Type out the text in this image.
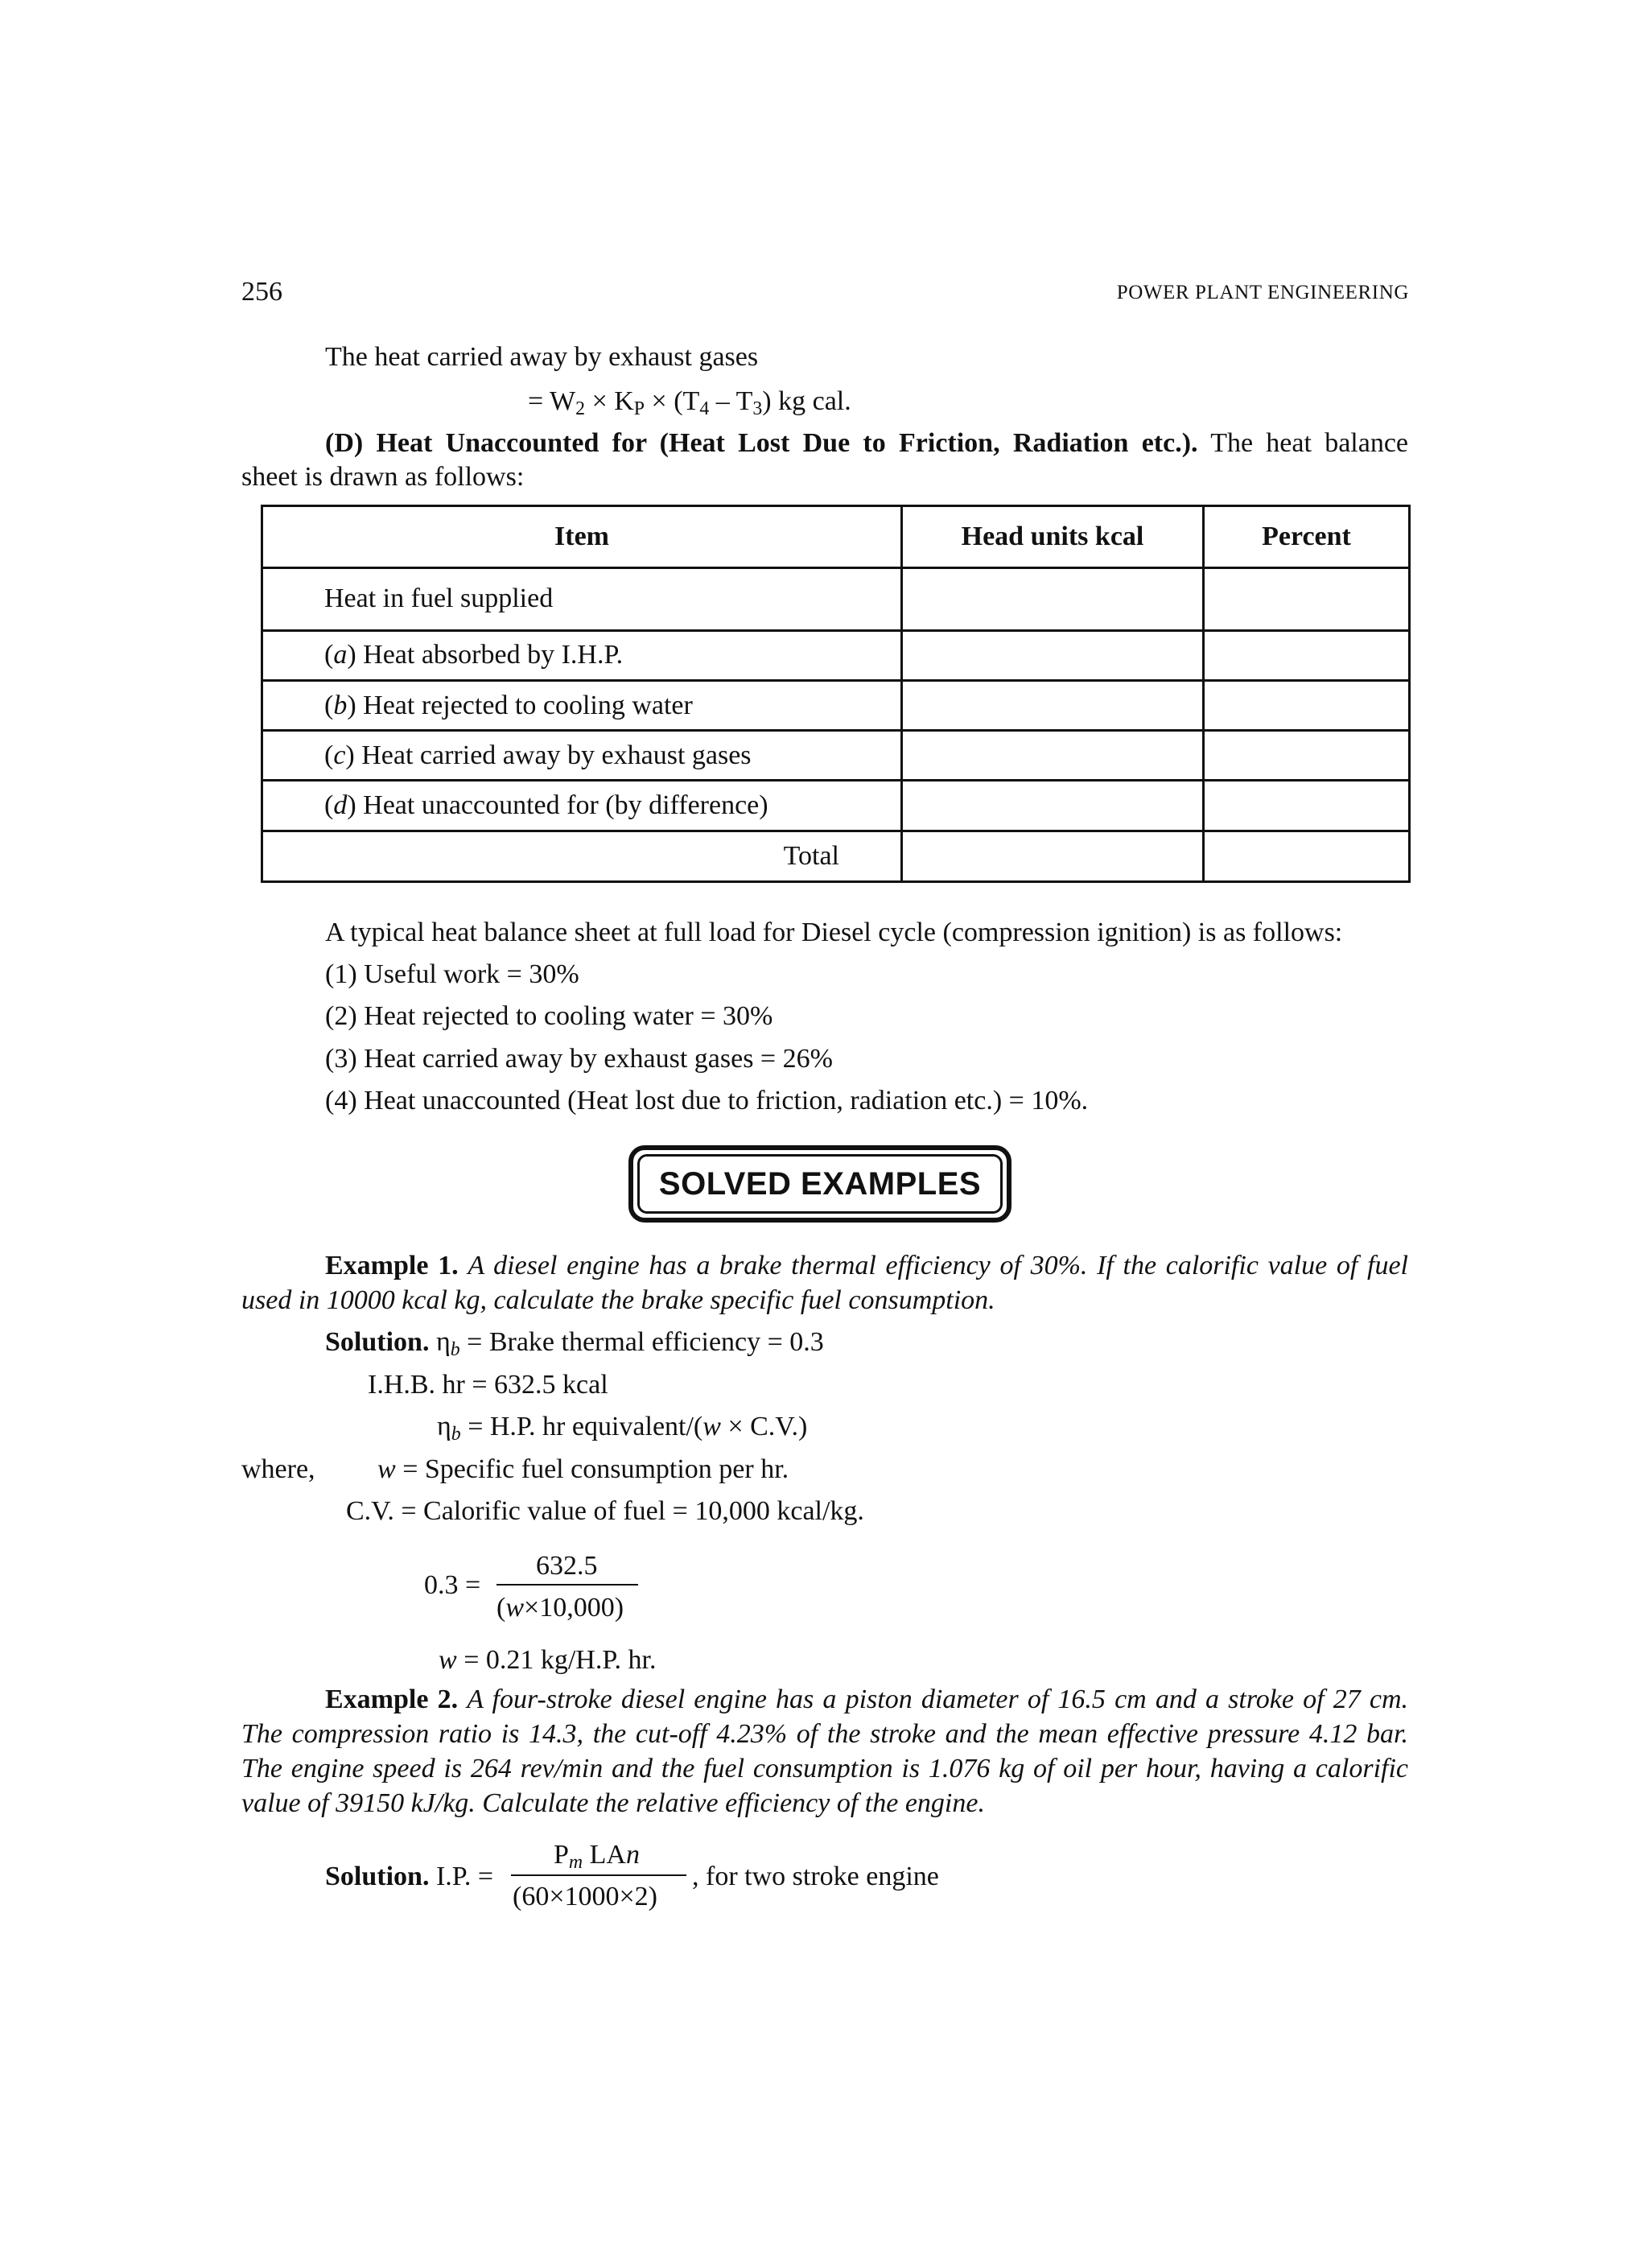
256	POWER PLANT ENGINEERING
The heat carried away by exhaust gases
= $W_2 \times K_P \times (T_4 - T_3)$ kg cal.
(D) Heat Unaccounted for (Heat Lost Due to Friction, Radiation etc.). The heat balance
sheet is drawn as follows:
Item	Head units kcal	Percent
Heat in fuel supplied		
(a) Heat absorbed by I.H.P.		
(b) Heat rejected to cooling water		
(c) Heat carried away by exhaust gases		
(d) Heat unaccounted for (by difference)		
Total		
A typical heat balance sheet at full load for Diesel cycle (compression ignition) is as follows:
(1) Useful work = 30%
(2) Heat rejected to cooling water = 30%
(3) Heat carried away by exhaust gases = 26%
(4) Heat unaccounted (Heat lost due to friction, radiation etc.) = 10%.
SOLVED EXAMPLES
Example 1. A diesel engine has a brake thermal efficiency of 30%. If the calorific value of fuel
used in 10000 kcal kg, calculate the brake specific fuel consumption.
Solution. $\eta_b$ = Brake thermal efficiency = 0.3
I.H.B. hr = 632.5 kcal
$\eta_b = H.P$. hr equivalent/(w × C.V.)
where, w = Specific fuel consumption per hr.
C.V. = Calorific value of fuel = 10,000 kcal/kg.
0.3 =
632.5
(w×10,000)
w = 0.21 kg/H.P. hr.
Example 2. A four-stroke diesel engine has a piston diameter of 16.5 cm and a stroke of 27 cm.
The compression ratio is 14.3, the cut-off 4.23% of the stroke and the mean effective pressure 4.12 bar.
The engine speed is 264 rev/min and the fuel consumption is 1.076 kg of oil per hour, having a calorific
value of 39150 kJ/kg. Calculate the relative efficiency of the engine.
Solution. I.P. =
$P_m$ LAn
(60×1000×2)
, for two stroke engine
